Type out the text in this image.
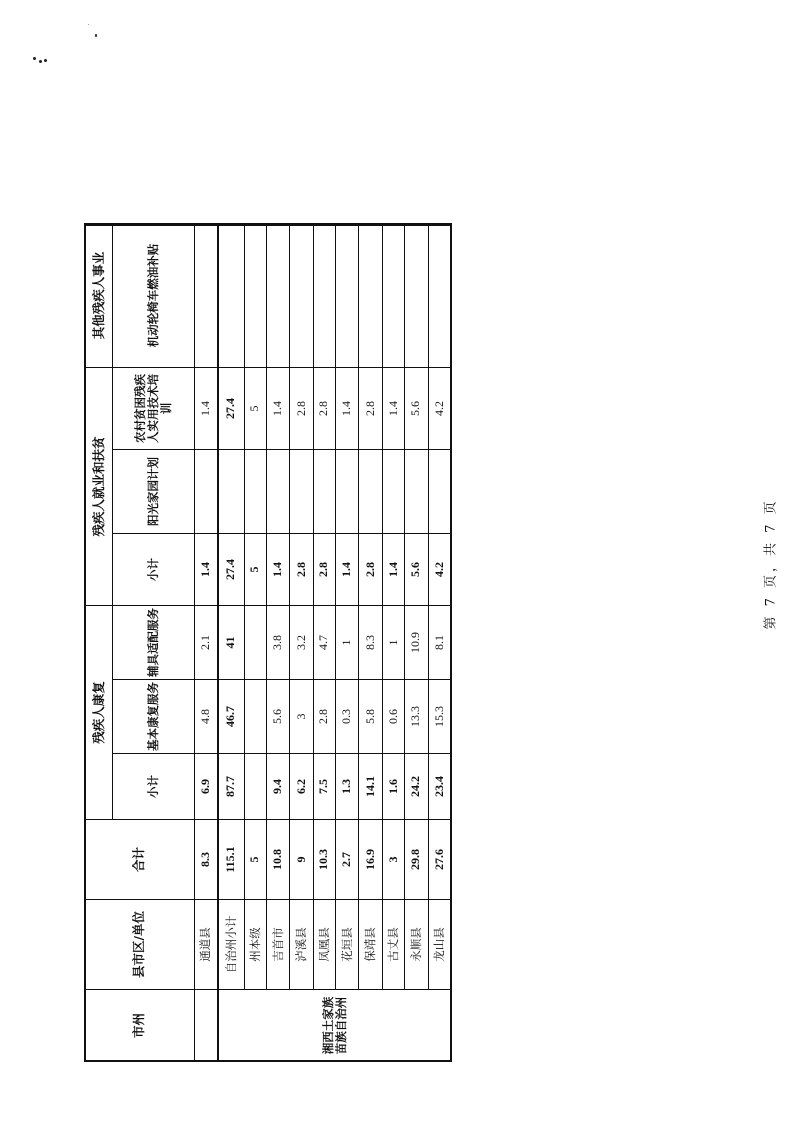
市州	县市区/单位	合计	残疾人康复			残疾人就业和扶贫			其他残疾人事业
			小计	基本康复服务	辅具适配服务	小计	阳光家园计划	农村贫困残疾人实用技术培训	机动轮椅车燃油补贴
	通道县	8.3	6.9	4.8	2.1	1.4		1.4	
湘西土家族苗族自治州	自治州小计	115.1	87.7	46.7	41	27.4		27.4	
	州本级	5				5		5	
	吉首市	10.8	9.4	5.6	3.8	1.4		1.4	
	泸溪县	9	6.2	3	3.2	2.8		2.8	
	凤凰县	10.3	7.5	2.8	4.7	2.8		2.8	
	花垣县	2.7	1.3	0.3	1	1.4		1.4	
	保靖县	16.9	14.1	5.8	8.3	2.8		2.8	
	古丈县	3	1.6	0.6	1	1.4		1.4	
	永顺县	29.8	24.2	13.3	10.9	5.6		5.6	
	龙山县	27.6	23.4	15.3	8.1	4.2		4.2	
第 7 页，共 7 页
